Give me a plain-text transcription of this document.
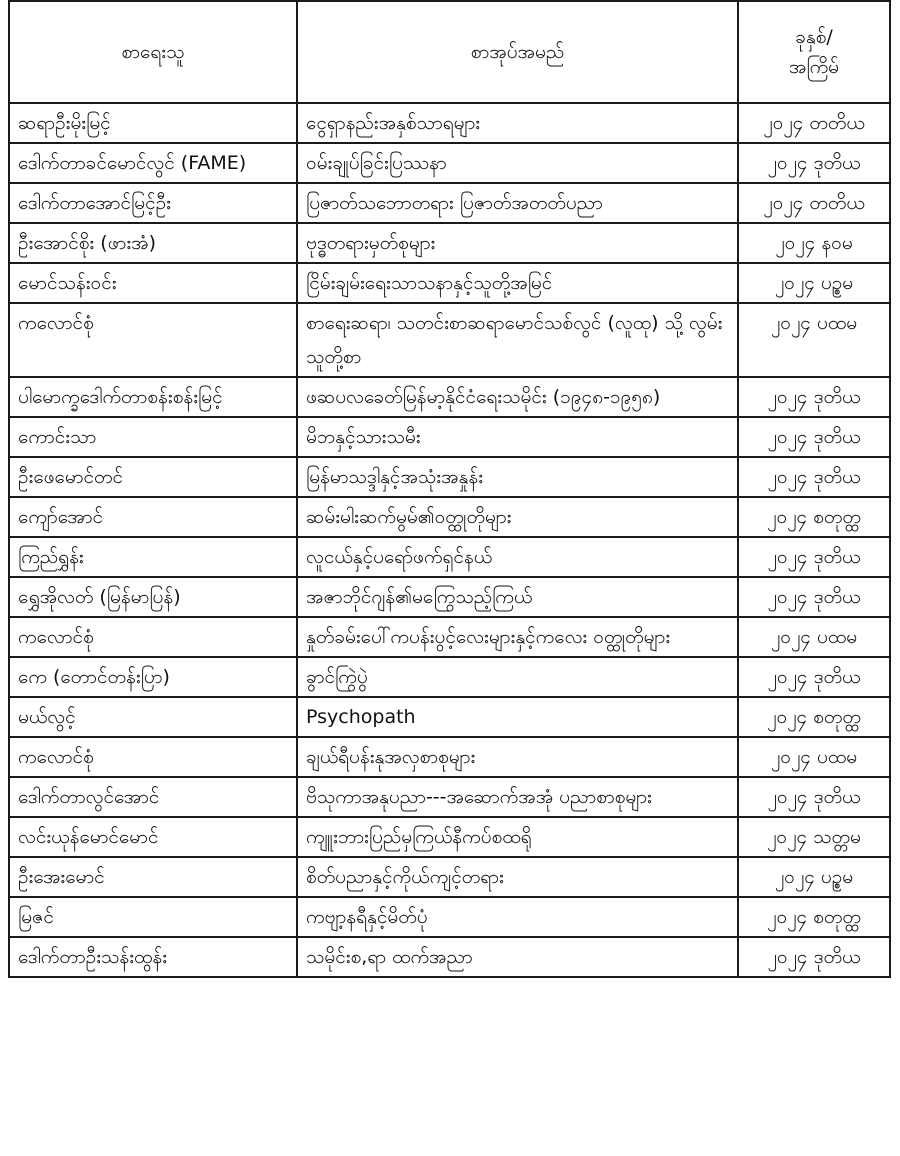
စာရေးသူ	စာအုပ်အမည်	ခုနှစ်/
အကြိမ်
ဆရာဦးမိုးမြင့်	ငွေရှာနည်းအနှစ်သာရများ	၂၀၂၄ တတိယ
ဒေါက်တာခင်မောင်လွင် (FAME)	ဝမ်းချုပ်ခြင်းပြဿနာ	၂၀၂၄ ဒုတိယ
ဒေါက်တာအောင်မြင့်ဦး	ပြဇာတ်သဘောတရား ပြဇာတ်အတတ်ပညာ	၂၀၂၄ တတိယ
ဦးအောင်စိုး (ဖားအံ)	ဗုဒ္ဓတရားမှတ်စုများ	၂၀၂၄ နဝမ
မောင်သန်းဝင်း	ငြိမ်းချမ်းရေးသာသနာနှင့်သူတို့အမြင်	၂၀၂၄ ပဉ္စမ
ကလောင်စုံ	စာရေးဆရာ၊ သတင်းစာဆရာမောင်သစ်လွင် (လူထု) သို့ လွမ်းသူတို့စာ	၂၀၂၄ ပထမ
ပါမောက္ခဒေါက်တာစန်းစန်းမြင့်	ဖဆပလခေတ်မြန်မာ့နိုင်ငံရေးသမိုင်း (၁၉၄၈-၁၉၅၈)	၂၀၂၄ ဒုတိယ
ကောင်းသာ	မိဘနှင့်သားသမီး	၂၀၂၄ ဒုတိယ
ဦးဖေမောင်တင်	မြန်မာသဒ္ဒါနှင့်အသုံးအနှုန်း	၂၀၂၄ ဒုတိယ
ကျော်အောင်	ဆမ်းမါးဆက်မွမ်၏ဝတ္ထုတိုများ	၂၀၂၄ စတုတ္ထ
ကြည်ရွှန်း	လူငယ်နှင့်ပရော်ဖက်ရှင်နယ်	၂၀၂၄ ဒုတိယ
ရွှေအိုလတ် (မြန်မာပြန်)	အဇာဘိုင်ဂျန်၏မကြွေသည့်ကြယ်	၂၀၂၄ ဒုတိယ
ကလောင်စုံ	နှုတ်ခမ်းပေါ်ကပန်းပွင့်လေးများနှင့်ကလေး ဝတ္ထုတိုများ	၂၀၂၄ ပထမ
ကေ (တောင်တန်းပြာ)	ခွာင်ကြွဲပွဲ	၂၀၂၄ ဒုတိယ
မယ်လွင့်	Psychopath	၂၀၂၄ စတုတ္ထ
ကလောင်စုံ	ချယ်ရီပန်းနုအလှစာစုများ	၂၀၂၄ ပထမ
ဒေါက်တာလွင်အောင်	ဗိသုကာအနုပညာ---အဆောက်အအုံ ပညာစာစုများ	၂၀၂၄ ဒုတိယ
လင်းယုန်မောင်မောင်	ကျူးဘားပြည်မှကြယ်နီကပ်စထရို	၂၀၂၄ သတ္တမ
ဦးအေးမောင်	စိတ်ပညာနှင့်ကိုယ်ကျင့်တရား	၂၀၂၄ ပဉ္စမ
မြဇင်	ကဗျာ့နရီနှင့်မိတ်ပုံ	၂၀၂၄ စတုတ္ထ
ဒေါက်တာဦးသန်းထွန်း	သမိုင်းစ,ရာ ထက်အညာ	၂၀၂၄ ဒုတိယ
